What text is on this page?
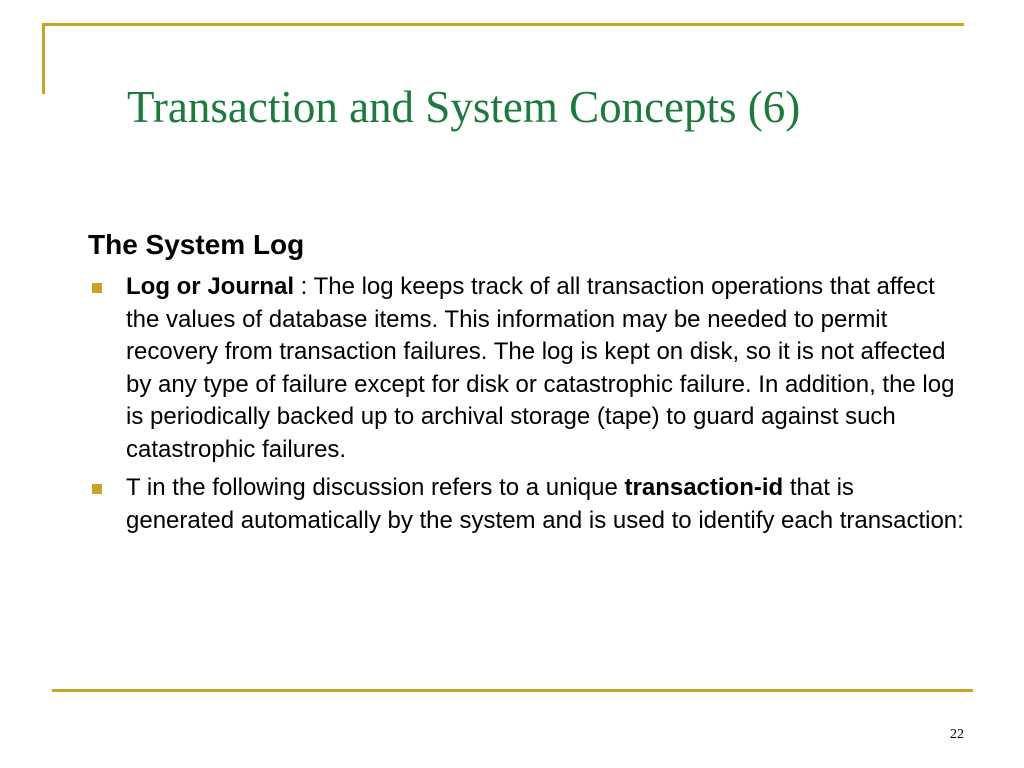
Transaction and System Concepts (6)
The System Log
Log or Journal : The log keeps track of all transaction operations that affect the values of database items. This information may be needed to permit recovery from transaction failures. The log is kept on disk, so it is not affected by any type of failure except for disk or catastrophic failure. In addition, the log is periodically backed up to archival storage (tape) to guard against such catastrophic failures.
T in the following discussion refers to a unique transaction-id that is generated automatically by the system and is used to identify each transaction:
22
